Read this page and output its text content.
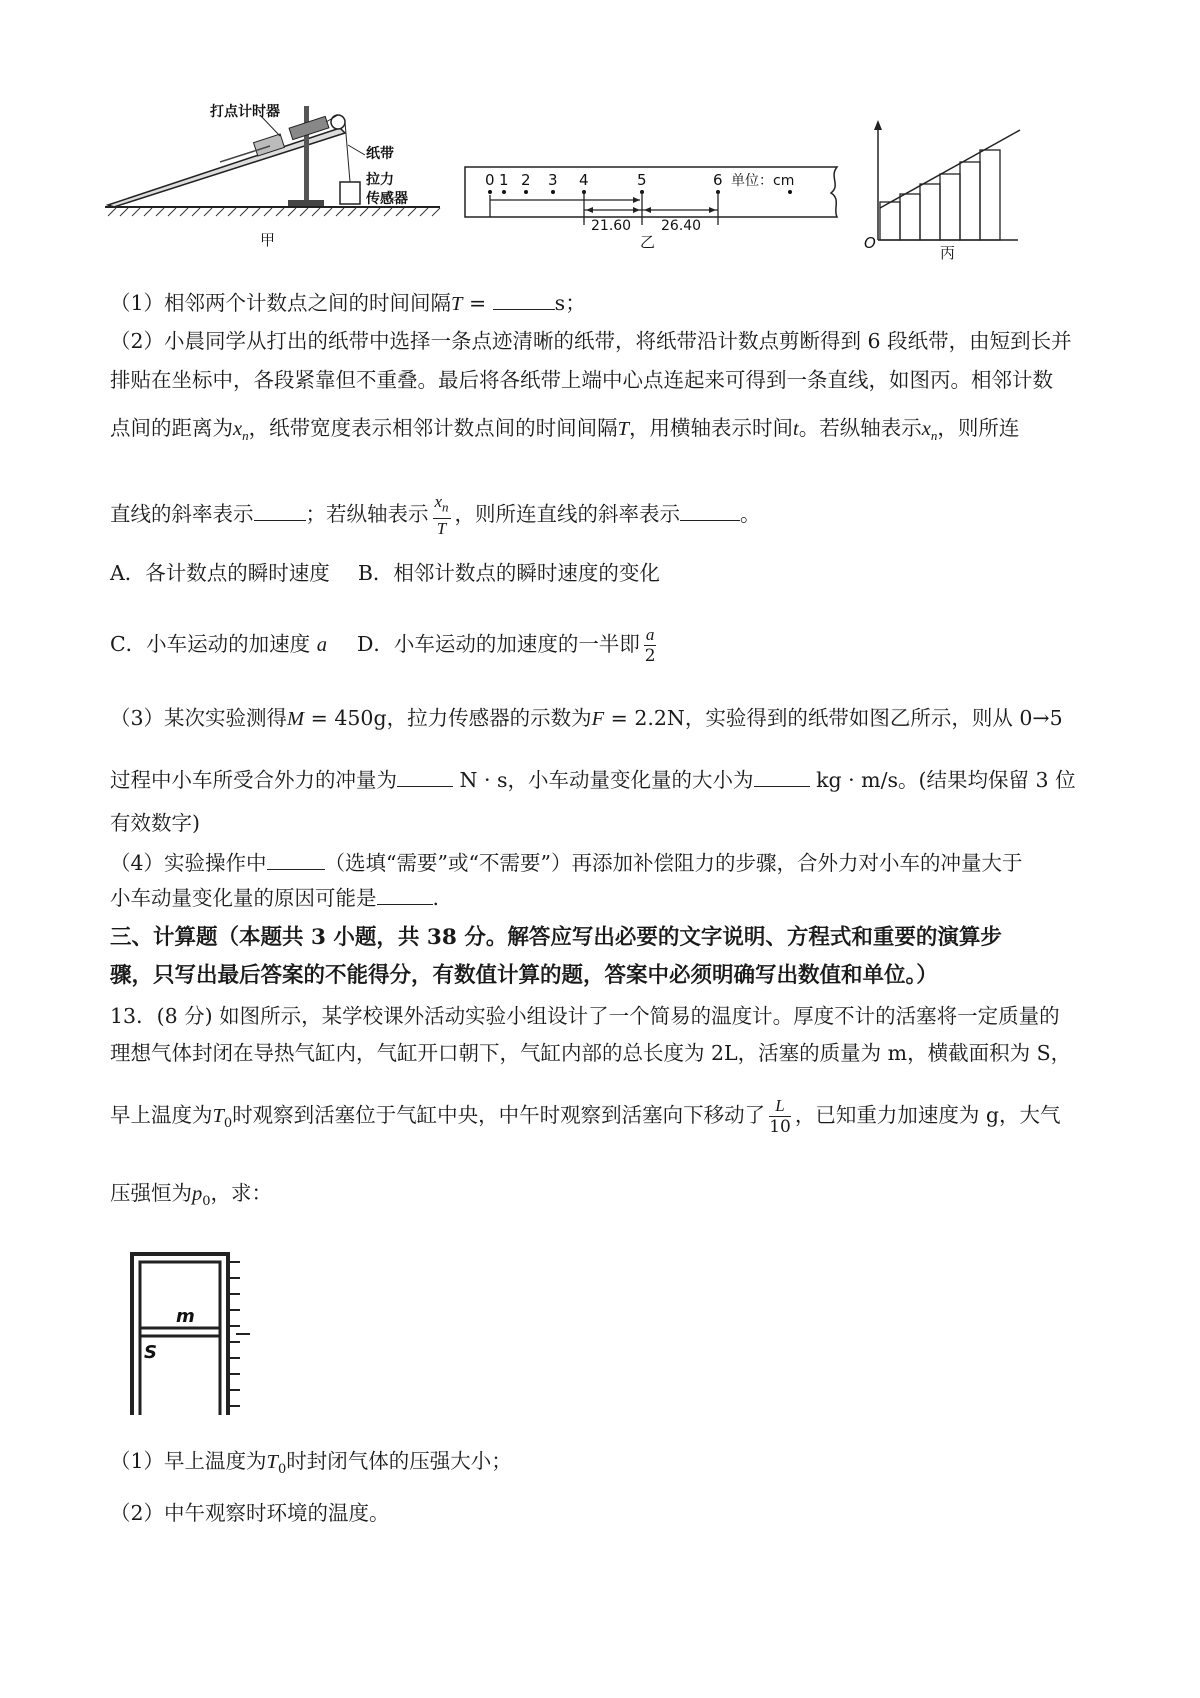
打点计时器
纸带
拉力
传感器
甲
0 1 2 3 4	5	6 单位：cm
21.60 26.40
乙	O
丙
（1）相邻两个计数点之间的时间间隔T =	s；
（2）小晨同学从打出的纸带中选择一条点迹清晰的纸带，将纸带沿计数点剪断得到 6 段纸带，由短到长并
排贴在坐标中，各段紧靠但不重叠。最后将各纸带上端中心点连起来可得到一条直线，如图丙。相邻计数
点间的距离为$x_n$，纸带宽度表示相邻计数点间的时间间隔T，用横轴表示时间t。若纵轴表示$x_n$，则所连
直线的斜率表示	；若纵轴表示 $\frac{x_n}{T}$ ，则所连直线的斜率表示	。
A．各计数点的瞬时速度 B．相邻计数点的瞬时速度的变化
C．小车运动的加速度 a D．小车运动的加速度的一半即 $\frac{a}{2}$
（3）某次实验测得M = 450g，拉力传感器的示数为F = 2.2N，实验得到的纸带如图乙所示，则从 0→5
过程中小车所受合外力的冲量为	N · s，小车动量变化量的大小为	kg · m/s。(结果均保留 3 位
有效数字)
（4）实验操作中	（选填“需要”或“不需要”）再添加补偿阻力的步骤，合外力对小车的冲量大于
小车动量变化量的原因可能是	.
三、计算题（本题共 3 小题，共 38 分。解答应写出必要的文字说明、方程式和重要的演算步
骤，只写出最后答案的不能得分，有数值计算的题，答案中必须明确写出数值和单位。）
13．(8 分) 如图所示，某学校课外活动实验小组设计了一个简易的温度计。厚度不计的活塞将一定质量的
理想气体封闭在导热气缸内，气缸开口朝下，气缸内部的总长度为 2L，活塞的质量为 m，横截面积为 S，
早上温度为$T_0$时观察到活塞位于气缸中央，中午时观察到活塞向下移动了 $\frac{L}{10}$ ，已知重力加速度为 g，大气
压强恒为$p_0$，求：
m
S
（1）早上温度为$T_0$时封闭气体的压强大小；
（2）中午观察时环境的温度。
